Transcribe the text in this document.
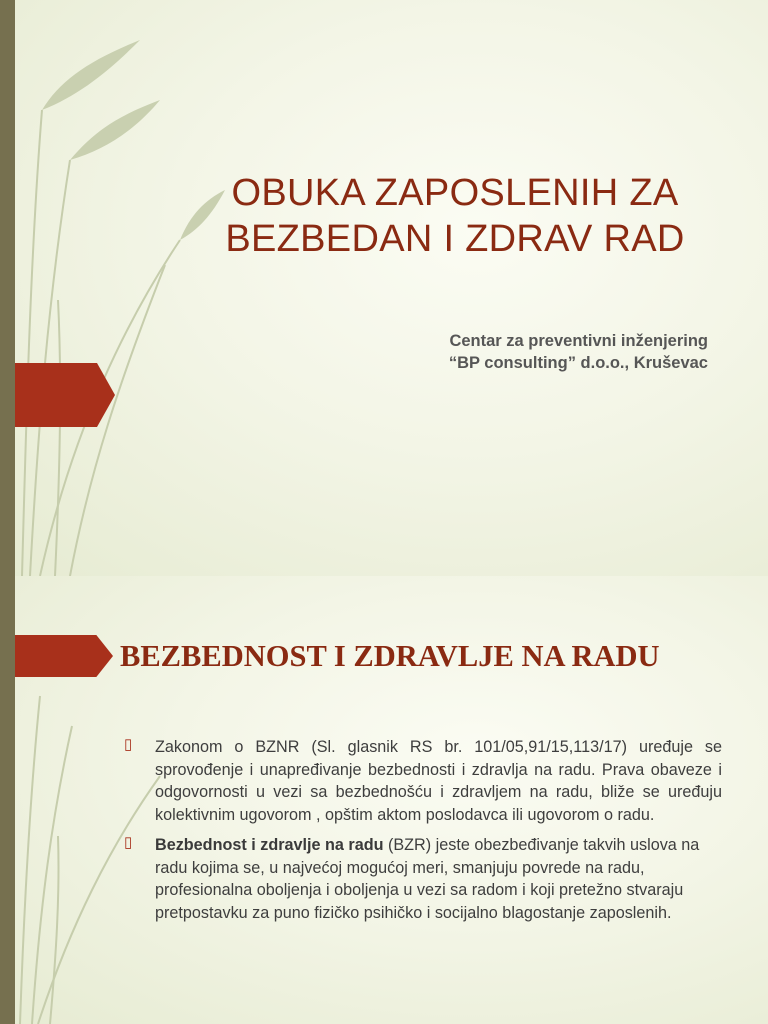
OBUKA ZAPOSLENIH ZA
BEZBEDAN I ZDRAV RAD
Centar za preventivni inženjering
“BP consulting” d.o.o., Kruševac
BEZBEDNOST I ZDRAVLJE NA RADU
▯ Zakonom o BZNR (Sl. glasnik RS br. 101/05,91/15,113/17) uređuje se sprovođenje i unapređivanje bezbednosti i zdravlja na radu. Prava obaveze i odgovornosti u vezi sa bezbednošću i zdravljem na radu, bliže se uređuju kolektivnim ugovorom , opštim aktom poslodavca ili ugovorom o radu.
▯ Bezbednost i zdravlje na radu (BZR) jeste obezbeđivanje takvih uslova na radu kojima se, u najvećoj mogućoj meri, smanjuju povrede na radu, profesionalna oboljenja i oboljenja u vezi sa radom i koji pretežno stvaraju pretpostavku za puno fizičko psihičko i socijalno blagostanje zaposlenih.
